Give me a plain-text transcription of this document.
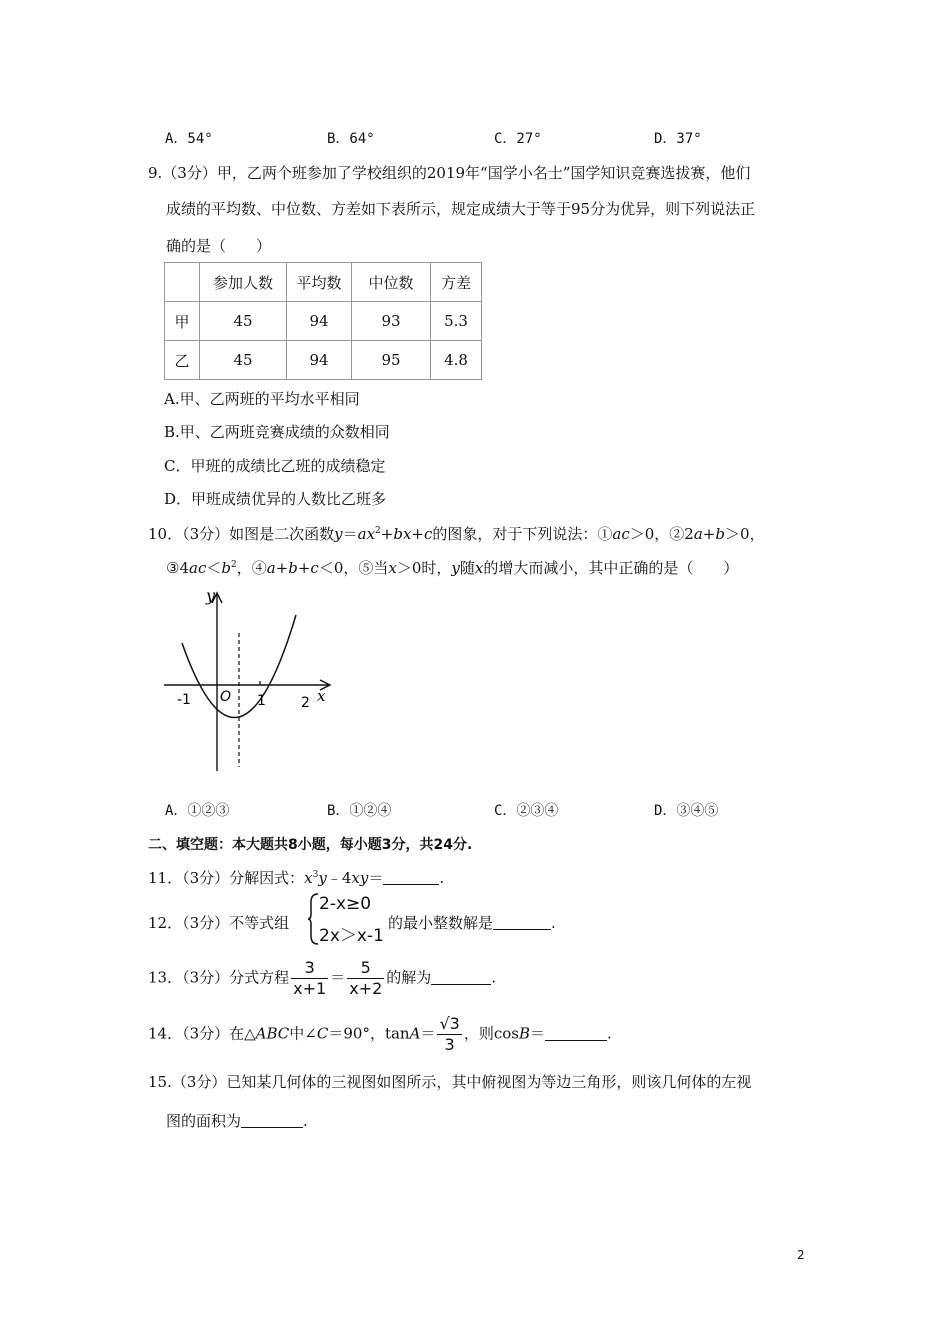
A．54°	B．64°	C．27°	D．37°
9.（3分）甲，乙两个班参加了学校组织的2019年“国学小名士”国学知识竞赛选拔赛，他们
成绩的平均数、中位数、方差如下表所示，规定成绩大于等于95分为优异，则下列说法正
确的是（　　）
	参加人数	平均数	中位数	方差
甲	45	94	93	5.3
乙	45	94	95	4.8
A.甲、乙两班的平均水平相同
B.甲、乙两班竞赛成绩的众数相同
C．甲班的成绩比乙班的成绩稳定
D．甲班成绩优异的人数比乙班多
10．（3分）如图是二次函数$y=ax^2+bx+c$的图象，对于下列说法：①ac＞0，②2a+b＞0，
$③4ac<b^2$，④a+b+c＜0，⑤当x＞0时，y随x的增大而减小，其中正确的是（　　）
y
x
O
-1	1	2
A．①②③	B．①②④	C．②③④	D．③④⑤
二、填空题：本大题共8小题，每小题3分，共24分.
11．（3分）分解因式：$x^3y﹣4xy=$	.
12．（3分）不等式组
2-x≥0
2x＞x-1
的最小整数解是	.
13．（3分）分式方程 $\frac{3}{x+1} = \frac{5}{x+2}$ 的解为	.
14．（3分）在△ABC中∠C＝90°，$\tan A= \frac{√3}{3}$ ，则cosB＝	.
15.（3分）已知某几何体的三视图如图所示，其中俯视图为等边三角形，则该几何体的左视
图的面积为	.
2
